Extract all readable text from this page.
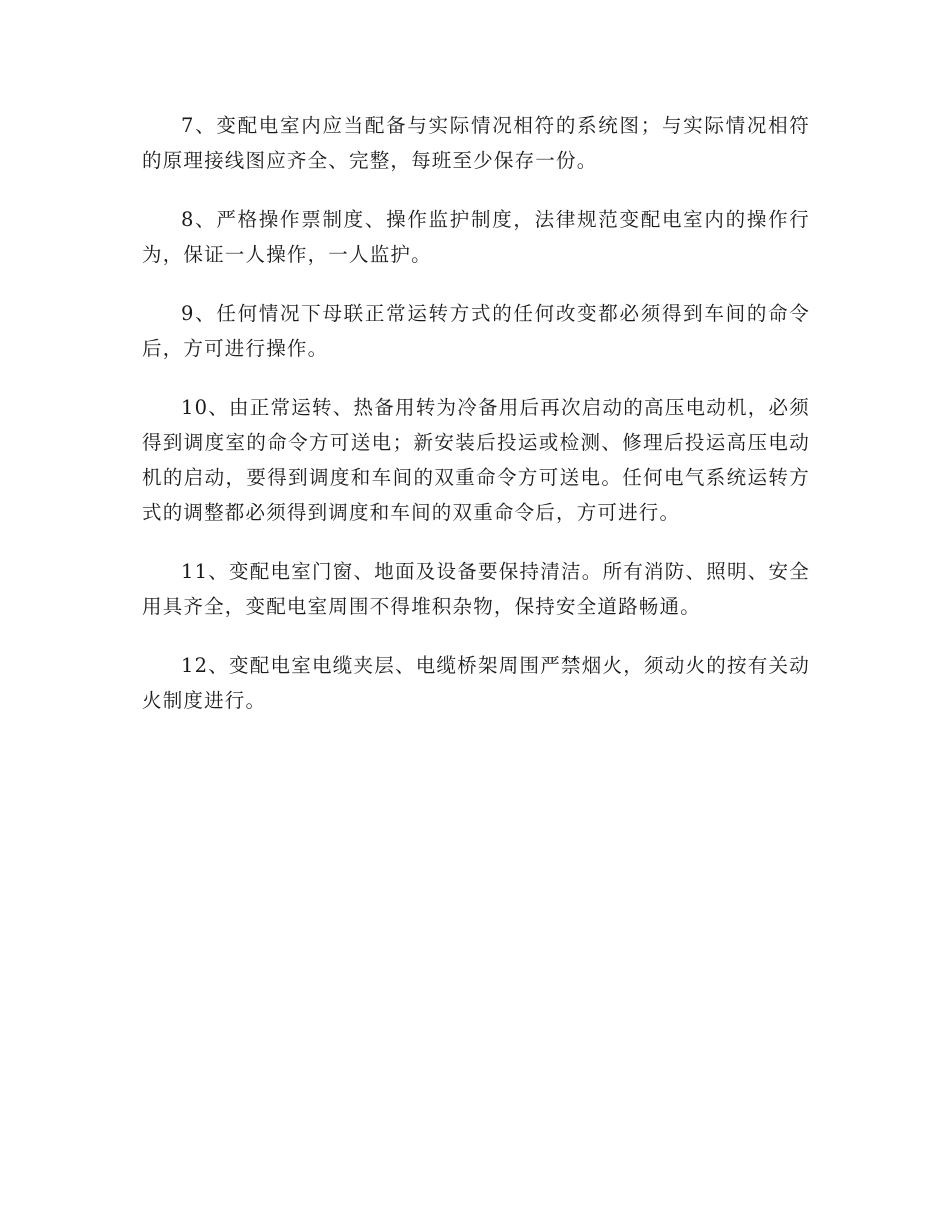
7、变配电室内应当配备与实际情况相符的系统图；与实际情况相符的原理接线图应齐全、完整，每班至少保存一份。

8、严格操作票制度、操作监护制度，法律规范变配电室内的操作行为，保证一人操作，一人监护。

9、任何情况下母联正常运转方式的任何改变都必须得到车间的命令后，方可进行操作。

10、由正常运转、热备用转为冷备用后再次启动的高压电动机，必须得到调度室的命令方可送电；新安装后投运或检测、修理后投运高压电动机的启动，要得到调度和车间的双重命令方可送电。任何电气系统运转方式的调整都必须得到调度和车间的双重命令后，方可进行。

11、变配电室门窗、地面及设备要保持清洁。所有消防、照明、安全用具齐全，变配电室周围不得堆积杂物，保持安全道路畅通。

12、变配电室电缆夹层、电缆桥架周围严禁烟火，须动火的按有关动火制度进行。
